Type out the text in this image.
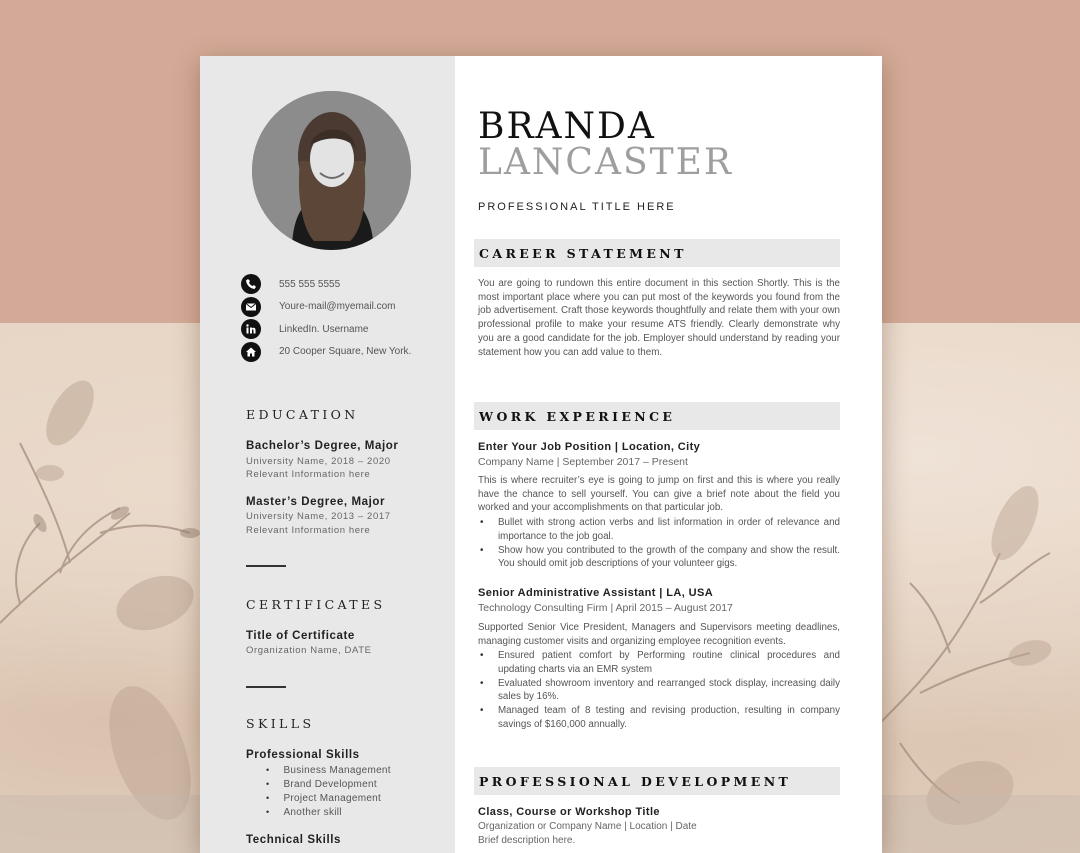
555 555 5555
Youre-mail@myemail.com
LinkedIn. Username
20 Cooper Square, New York.
EDUCATION
Bachelor’s Degree, Major
University Name, 2018 – 2020
Relevant Information here
Master’s Degree, Major
University Name, 2013 – 2017
Relevant Information here
CERTIFICATES
Title of Certificate
Organization Name, DATE
SKILLS
Professional Skills
• Business Management
• Brand Development
• Project Management
• Another skill
Technical Skills
BRANDA
LANCASTER
PROFESSIONAL TITLE HERE
CAREER STATEMENT
You are going to rundown this entire document in this section Shortly. This is the most important place where you can put most of the keywords you found from the job advertisement. Craft those keywords thoughtfully and relate them with your own professional profile to make your resume ATS friendly. Clearly demonstrate why you are a good candidate for the job. Employer should understand by reading your statement how you can add value to them.
WORK EXPERIENCE
Enter Your Job Position | Location, City
Company Name | September 2017 – Present
This is where recruiter’s eye is going to jump on first and this is where you really have the chance to sell yourself. You can give a brief note about the field you worked and your accomplishments on that particular job.
• Bullet with strong action verbs and list information in order of relevance and importance to the job goal.
• Show how you contributed to the growth of the company and show the result. You should omit job descriptions of your volunteer gigs.
Senior Administrative Assistant | LA, USA
Technology Consulting Firm | April 2015 – August 2017
Supported Senior Vice President, Managers and Supervisors meeting deadlines, managing customer visits and organizing employee recognition events.
• Ensured patient comfort by Performing routine clinical procedures and updating charts via an EMR system
• Evaluated showroom inventory and rearranged stock display, increasing daily sales by 16%.
• Managed team of 8 testing and revising production, resulting in company savings of $160,000 annually.
PROFESSIONAL DEVELOPMENT
Class, Course or Workshop Title
Organization or Company Name | Location | Date
Brief description here.
